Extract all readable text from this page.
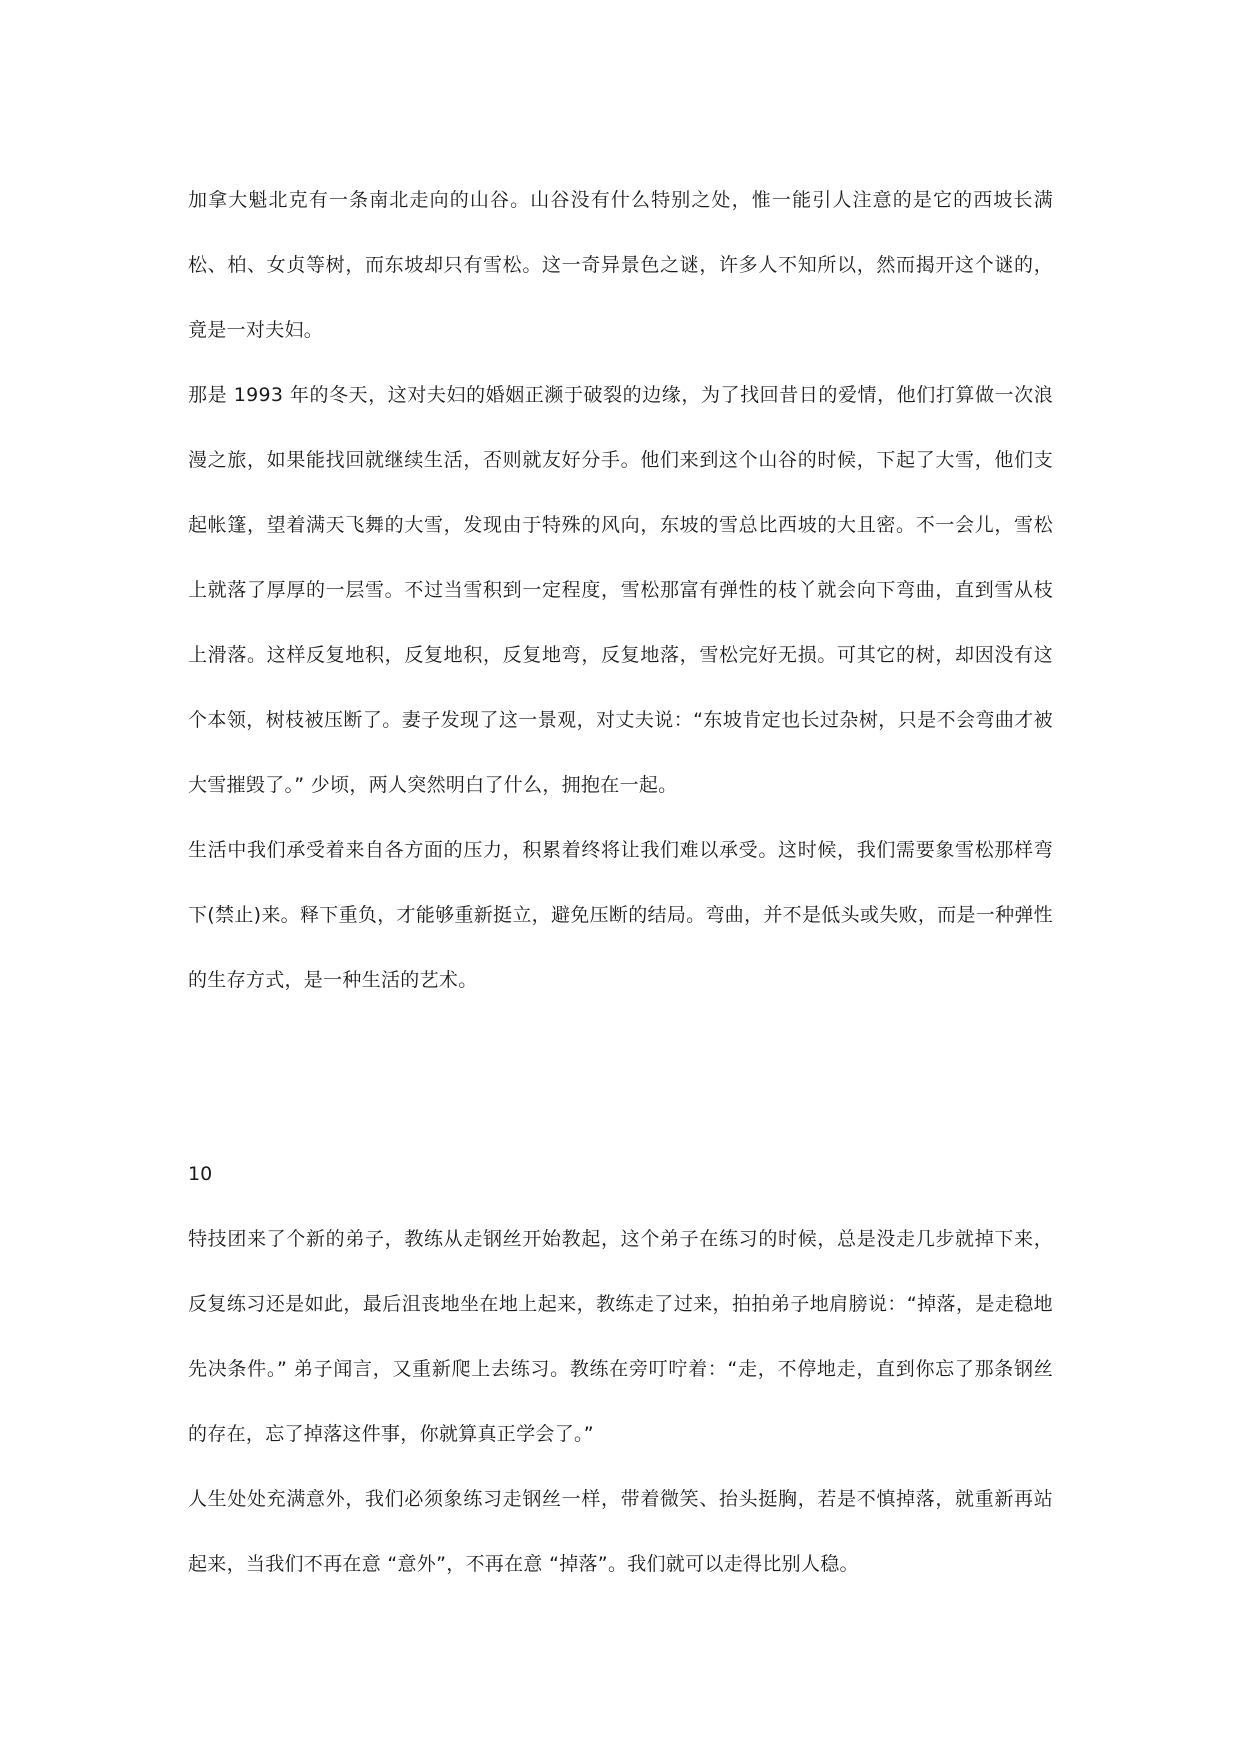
加拿大魁北克有一条南北走向的山谷。山谷没有什么特别之处，惟一能引人注意的是它的西坡长满松、柏、女贞等树，而东坡却只有雪松。这一奇异景色之谜，许多人不知所以，然而揭开这个谜的，竟是一对夫妇。

那是 1993 年的冬天，这对夫妇的婚姻正濒于破裂的边缘，为了找回昔日的爱情，他们打算做一次浪漫之旅，如果能找回就继续生活，否则就友好分手。他们来到这个山谷的时候，下起了大雪，他们支起帐篷，望着满天飞舞的大雪，发现由于特殊的风向，东坡的雪总比西坡的大且密。不一会儿，雪松上就落了厚厚的一层雪。不过当雪积到一定程度，雪松那富有弹性的枝丫就会向下弯曲，直到雪从枝上滑落。这样反复地积，反复地积，反复地弯，反复地落，雪松完好无损。可其它的树，却因没有这个本领，树枝被压断了。妻子发现了这一景观，对丈夫说：“东坡肯定也长过杂树，只是不会弯曲才被大雪摧毁了。” 少顷，两人突然明白了什么，拥抱在一起。

生活中我们承受着来自各方面的压力，积累着终将让我们难以承受。这时候，我们需要象雪松那样弯下(禁止)来。释下重负，才能够重新挺立，避免压断的结局。弯曲，并不是低头或失败，而是一种弹性的生存方式，是一种生活的艺术。

10

特技团来了个新的弟子，教练从走钢丝开始教起，这个弟子在练习的时候，总是没走几步就掉下来，反复练习还是如此，最后沮丧地坐在地上起来，教练走了过来，拍拍弟子地肩膀说：“掉落，是走稳地先决条件。” 弟子闻言，又重新爬上去练习。教练在旁叮咛着：“走，不停地走，直到你忘了那条钢丝的存在，忘了掉落这件事，你就算真正学会了。”

人生处处充满意外，我们必须象练习走钢丝一样，带着微笑、抬头挺胸，若是不慎掉落，就重新再站起来，当我们不再在意 “意外”，不再在意 “掉落”。我们就可以走得比别人稳。
